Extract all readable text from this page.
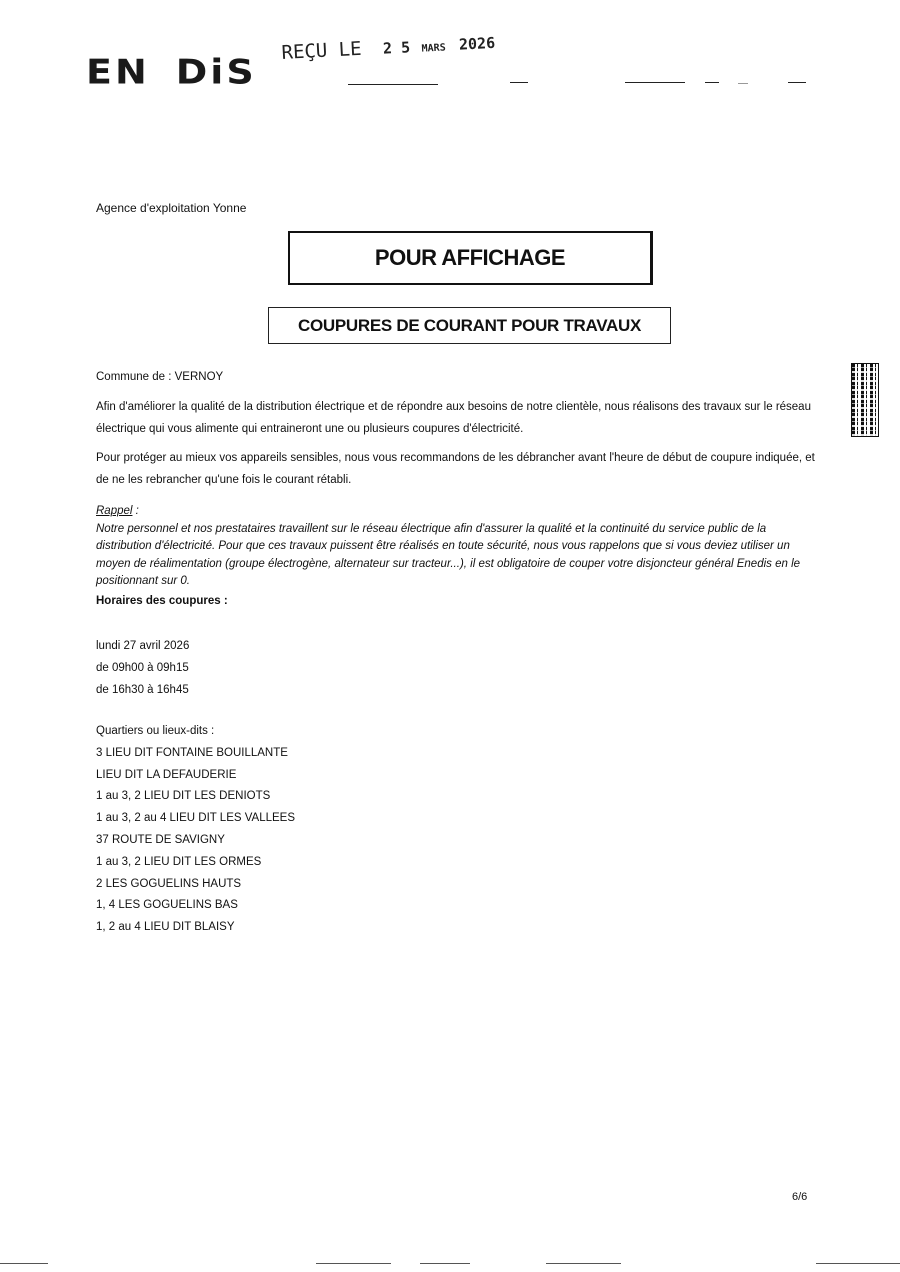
EN DiS
REÇU LE 2 5 MARS 2026
Agence d'exploitation Yonne
POUR AFFICHAGE
COUPURES DE COURANT POUR TRAVAUX
Commune de : VERNOY
Afin d'améliorer la qualité de la distribution électrique et de répondre aux besoins de notre clientèle, nous réalisons des travaux sur le réseau électrique qui vous alimente qui entraineront une ou plusieurs coupures d'électricité.
Pour protéger au mieux vos appareils sensibles, nous vous recommandons de les débrancher avant l'heure de début de coupure indiquée, et de ne les rebrancher qu'une fois le courant rétabli.
Rappel :
Notre personnel et nos prestataires travaillent sur le réseau électrique afin d'assurer la qualité et la continuité du service public de la distribution d'électricité. Pour que ces travaux puissent être réalisés en toute sécurité, nous vous rappelons que si vous deviez utiliser un moyen de réalimentation (groupe électrogène, alternateur sur tracteur...), il est obligatoire de couper votre disjoncteur général Enedis en le positionnant sur 0.
Horaires des coupures :
lundi 27 avril 2026
de 09h00 à 09h15
de 16h30 à 16h45
Quartiers ou lieux-dits :
3 LIEU DIT FONTAINE BOUILLANTE
LIEU DIT LA DEFAUDERIE
1 au 3, 2 LIEU DIT LES DENIOTS
1 au 3, 2 au 4 LIEU DIT LES VALLEES
37 ROUTE DE SAVIGNY
1 au 3, 2 LIEU DIT LES ORMES
2 LES GOGUELINS HAUTS
1, 4 LES GOGUELINS BAS
1, 2 au 4 LIEU DIT BLAISY
6/6
